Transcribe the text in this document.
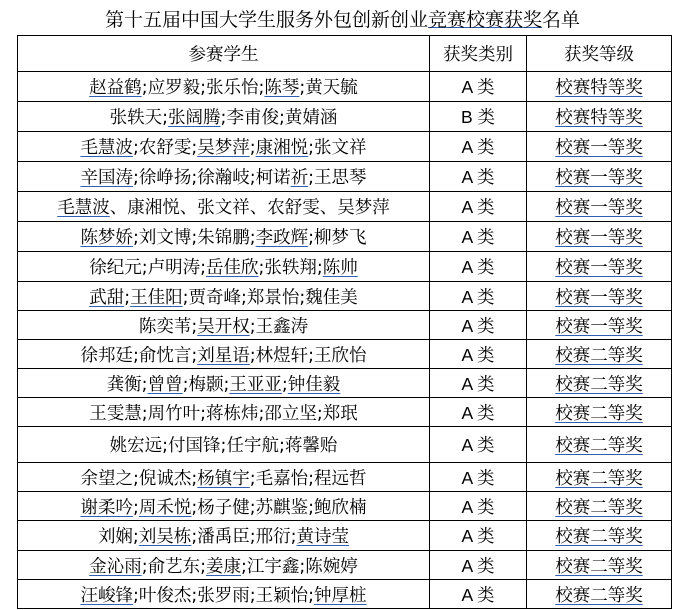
第十五届中国大学生服务外包创新创业竞赛校赛获奖名单
参赛学生	获奖类别	获奖等级
赵益鹤;应罗毅;张乐怡;陈琴;黄天毓	A 类	校赛特等奖
张轶天;张阔腾;李甫俊;黄婧涵	B 类	校赛特等奖
毛慧波;农舒雯;吴梦萍;康湘悦;张文祥	A 类	校赛一等奖
辛国涛;徐峥扬;徐瀚岐;柯诺祈;王思琴	A 类	校赛一等奖
毛慧波、康湘悦、张文祥、农舒雯、吴梦萍	A 类	校赛一等奖
陈梦娇;刘文博;朱锦鹏;李政辉;柳梦飞	A 类	校赛一等奖
徐纪元;卢明涛;岳佳欣;张轶翔;陈帅	A 类	校赛一等奖
武甜;王佳阳;贾奇峰;郑景怡;魏佳美	A 类	校赛一等奖
陈奕苇;吴开权;王鑫涛	A 类	校赛一等奖
徐邦廷;俞忱言;刘星语;林煜轩;王欣怡	A 类	校赛二等奖
龚衡;曾曾;梅颢;王亚亚;钟佳毅	A 类	校赛二等奖
王雯慧;周竹叶;蒋栋炜;邵立坚;郑珉	A 类	校赛二等奖
姚宏远;付国锋;任宇航;蒋馨贻	A 类	校赛二等奖
余望之;倪诚杰;杨镇宇;毛嘉怡;程远哲	A 类	校赛二等奖
谢柔吟;周禾悦;杨子健;苏麒鉴;鲍欣楠	A 类	校赛二等奖
刘娴;刘吴栋;潘禹臣;邢衍;黄诗莹	A 类	校赛二等奖
金沁雨;俞艺东;姜康;江宇鑫;陈婉婷	A 类	校赛二等奖
汪峻锋;叶俊杰;张罗雨;王颖怡;钟厚桩	A 类	校赛二等奖
